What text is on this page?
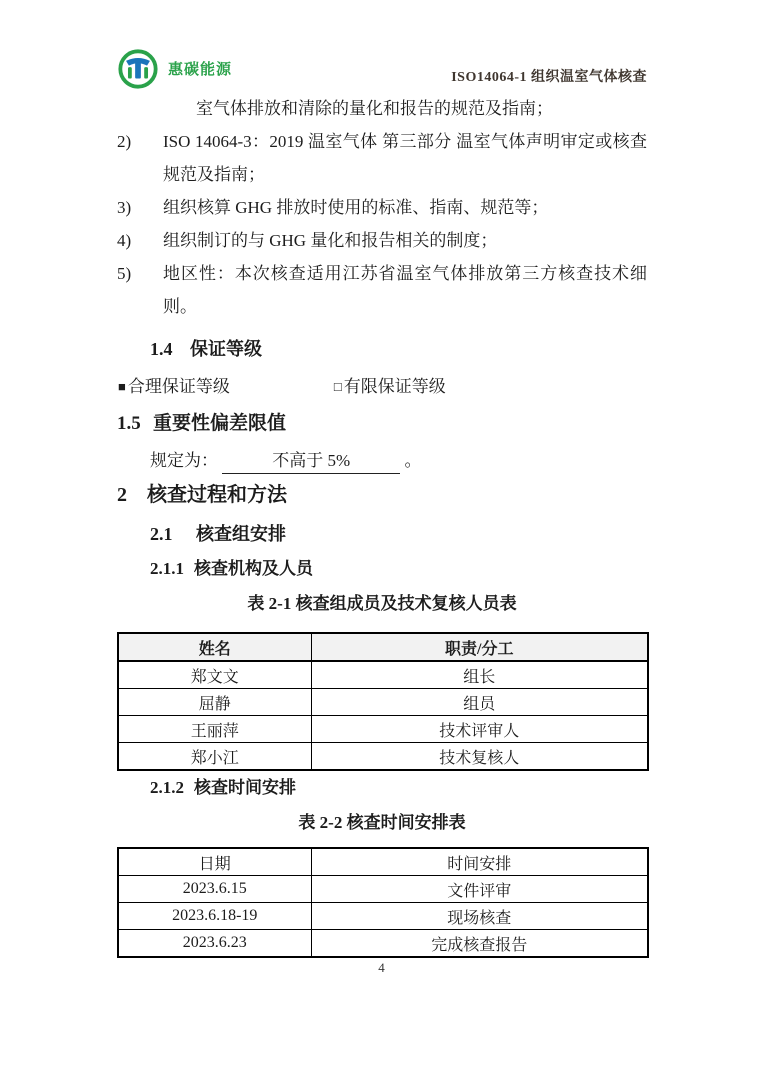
惠碳能源	ISO14064-1 组织温室气体核查

室气体排放和清除的量化和报告的规范及指南；

2)	ISO 14064-3：2019 温室气体 第三部分 温室气体声明审定或核查规范及指南；
3)	组织核算 GHG 排放时使用的标准、指南、规范等；
4)	组织制订的与 GHG 量化和报告相关的制度；
5)	地区性：本次核查适用江苏省温室气体排放第三方核查技术细则。
1.4 保证等级
■ 合理保证等级	□ 有限保证等级
1.5 重要性偏差限值

规定为：	不高于 5%	。

2	核查过程和方法
2.1	核查组安排
2.1.1 核查机构及人员
表 2-1 核查组成员及技术复核人员表
姓名	职责/分工
郑文文	组长
屈静	组员
王丽萍	技术评审人
郑小江	技术复核人
2.1.2 核查时间安排
表 2-2 核查时间安排表
日期	时间安排
2023.6.15	文件评审
2023.6.18-19	现场核查
2023.6.23	完成核查报告
4
